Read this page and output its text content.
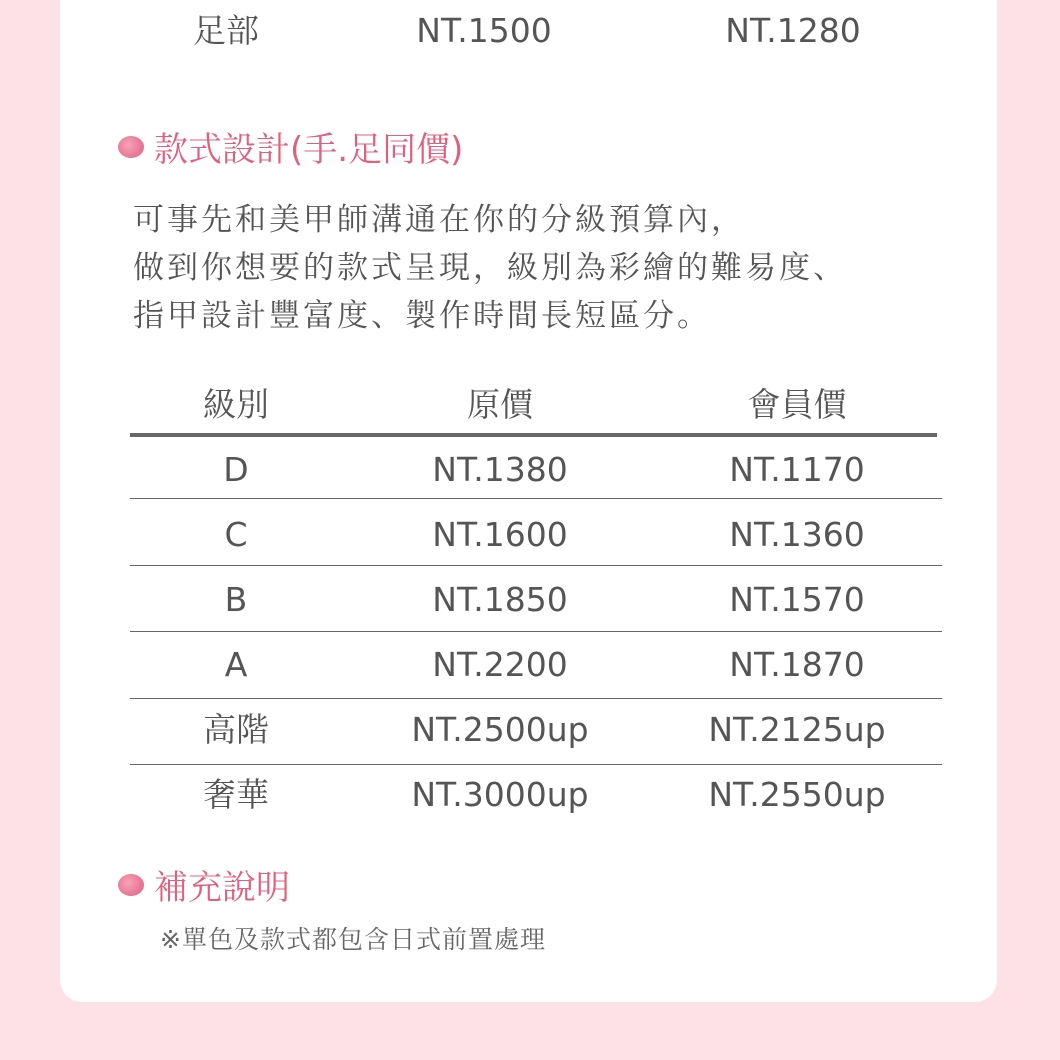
足部	NT.1500	NT.1280
款式設計(手.足同價)
可事先和美甲師溝通在你的分級預算內，
做到你想要的款式呈現，級別為彩繪的難易度、
指甲設計豐富度、製作時間長短區分。
級別	原價	會員價
D	NT.1380	NT.1170
C	NT.1600	NT.1360
B	NT.1850	NT.1570
A	NT.2200	NT.1870
高階	NT.2500up	NT.2125up
奢華	NT.3000up	NT.2550up
補充說明
※單色及款式都包含日式前置處理
